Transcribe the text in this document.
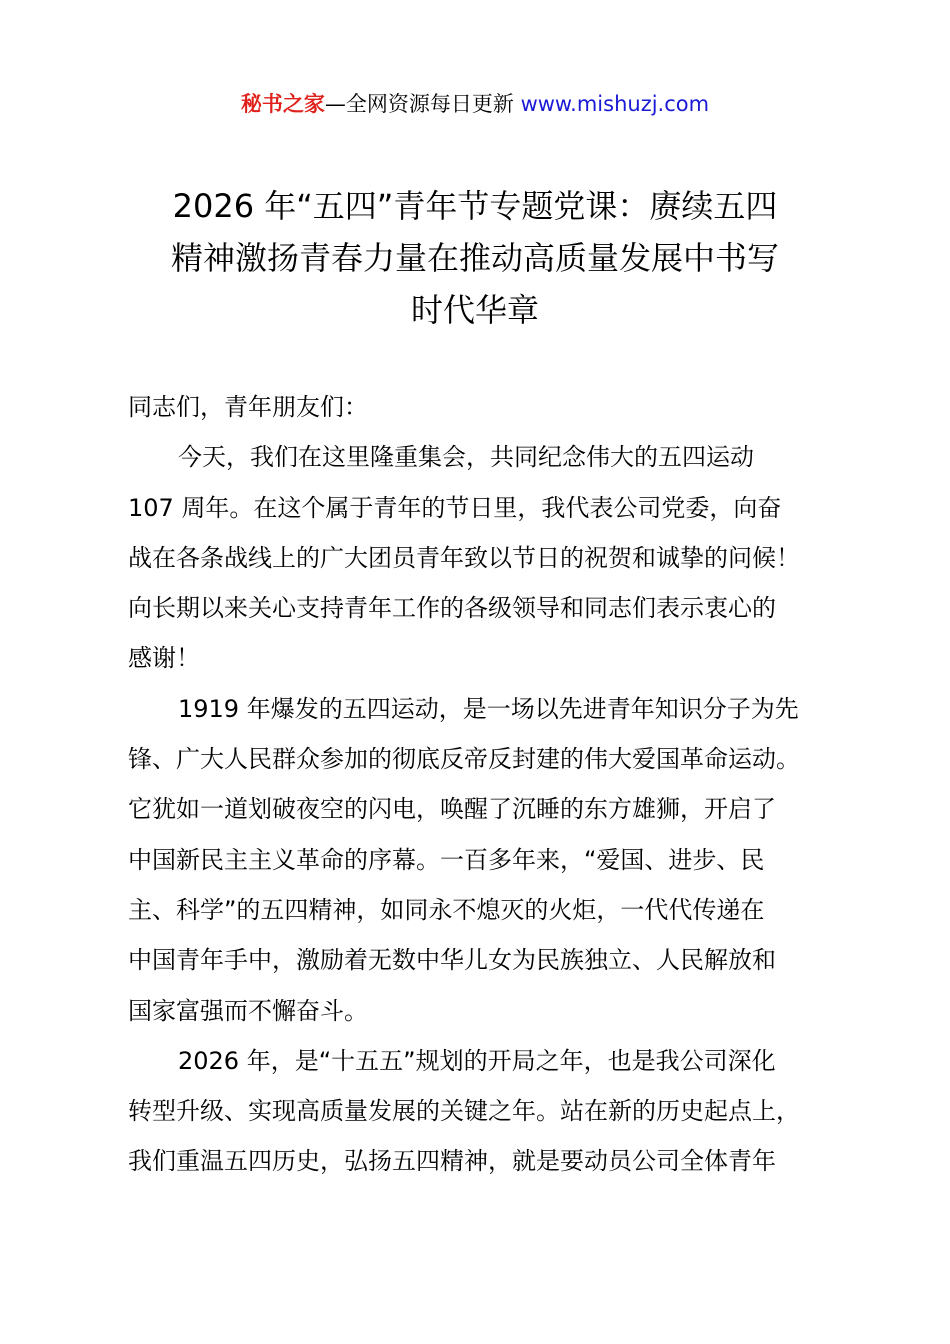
秘书之家—全网资源每日更新 www.mishuzj.com
2026 年“五四”青年节专题党课：赓续五四
精神激扬青春力量在推动高质量发展中书写
时代华章
同志们，青年朋友们：
今天，我们在这里隆重集会，共同纪念伟大的五四运动
107 周年。在这个属于青年的节日里，我代表公司党委，向奋
战在各条战线上的广大团员青年致以节日的祝贺和诚挚的问候！
向长期以来关心支持青年工作的各级领导和同志们表示衷心的
感谢！
1919 年爆发的五四运动，是一场以先进青年知识分子为先
锋、广大人民群众参加的彻底反帝反封建的伟大爱国革命运动。
它犹如一道划破夜空的闪电，唤醒了沉睡的东方雄狮，开启了
中国新民主主义革命的序幕。一百多年来，“爱国、进步、民
主、科学”的五四精神，如同永不熄灭的火炬，一代代传递在
中国青年手中，激励着无数中华儿女为民族独立、人民解放和
国家富强而不懈奋斗。
2026 年，是“十五五”规划的开局之年，也是我公司深化
转型升级、实现高质量发展的关键之年。站在新的历史起点上，
我们重温五四历史，弘扬五四精神，就是要动员公司全体青年
